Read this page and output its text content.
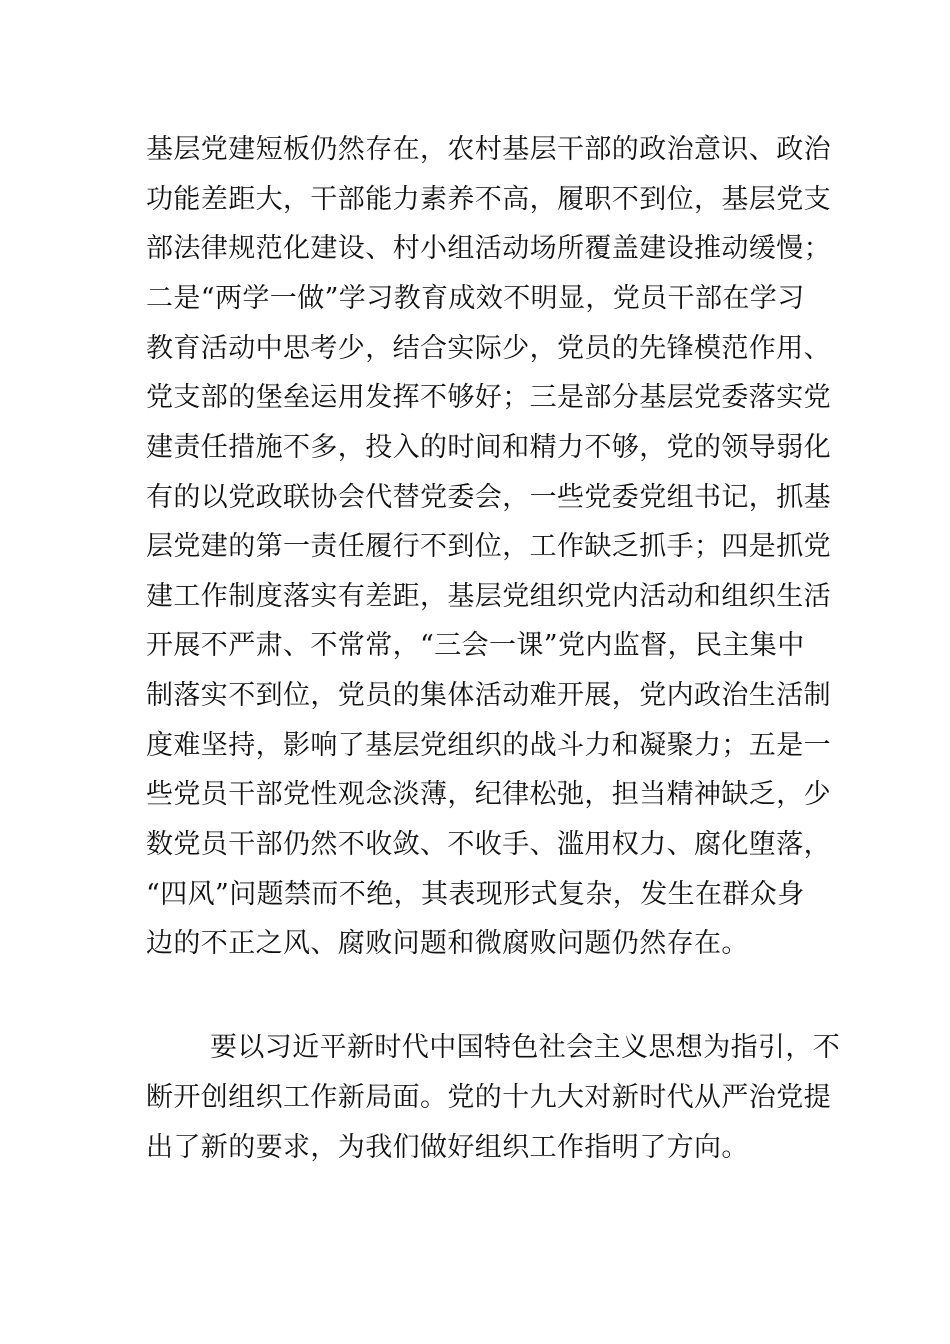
基层党建短板仍然存在，农村基层干部的政治意识、政治
功能差距大，干部能力素养不高，履职不到位，基层党支
部法律规范化建设、村小组活动场所覆盖建设推动缓慢；
二是“两学一做”学习教育成效不明显，党员干部在学习
教育活动中思考少，结合实际少，党员的先锋模范作用、
党支部的堡垒运用发挥不够好；三是部分基层党委落实党
建责任措施不多，投入的时间和精力不够，党的领导弱化
有的以党政联协会代替党委会，一些党委党组书记，抓基
层党建的第一责任履行不到位，工作缺乏抓手；四是抓党
建工作制度落实有差距，基层党组织党内活动和组织生活
开展不严肃、不常常，“三会一课”党内监督，民主集中
制落实不到位，党员的集体活动难开展，党内政治生活制
度难坚持，影响了基层党组织的战斗力和凝聚力；五是一
些党员干部党性观念淡薄，纪律松弛，担当精神缺乏，少
数党员干部仍然不收敛、不收手、滥用权力、腐化堕落，
“四风”问题禁而不绝，其表现形式复杂，发生在群众身
边的不正之风、腐败问题和微腐败问题仍然存在。
要以习近平新时代中国特色社会主义思想为指引，不
断开创组织工作新局面。党的十九大对新时代从严治党提
出了新的要求，为我们做好组织工作指明了方向。
